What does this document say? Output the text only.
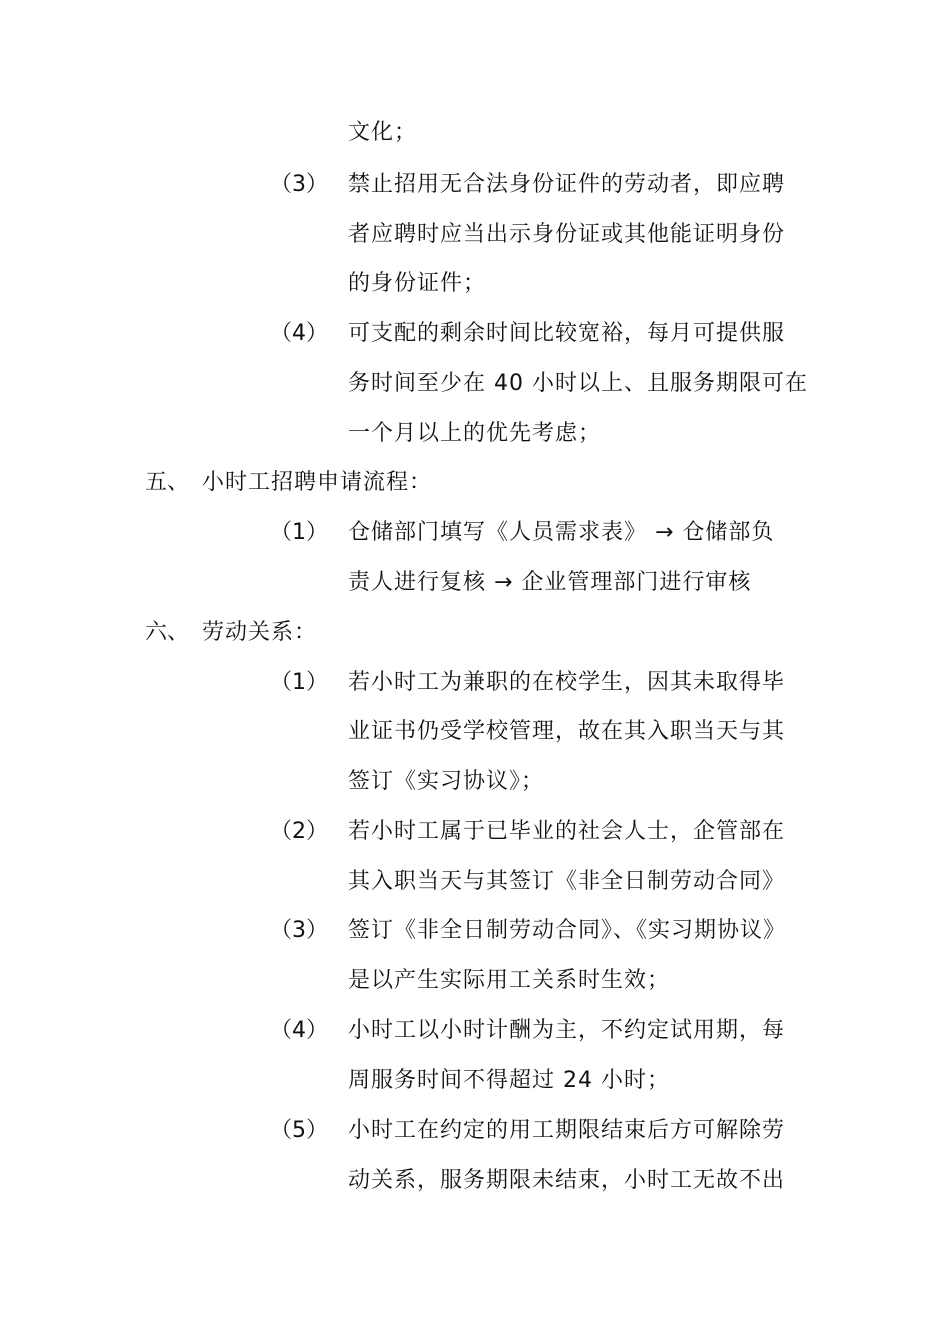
文化；
（3） 禁止招用无合法身份证件的劳动者，即应聘
者应聘时应当出示身份证或其他能证明身份
的身份证件；
（4） 可支配的剩余时间比较宽裕，每月可提供服
务时间至少在 40 小时以上、且服务期限可在
一个月以上的优先考虑；
五、 小时工招聘申请流程：
（1） 仓储部门填写《人员需求表》 → 仓储部负
责人进行复核 → 企业管理部门进行审核
六、 劳动关系：
（1） 若小时工为兼职的在校学生，因其未取得毕
业证书仍受学校管理，故在其入职当天与其
签订《实习协议》；
（2） 若小时工属于已毕业的社会人士，企管部在
其入职当天与其签订《非全日制劳动合同》
（3） 签订《非全日制劳动合同》、《实习期协议》
是以产生实际用工关系时生效；
（4） 小时工以小时计酬为主，不约定试用期，每
周服务时间不得超过 24 小时；
（5） 小时工在约定的用工期限结束后方可解除劳
动关系，服务期限未结束，小时工无故不出
